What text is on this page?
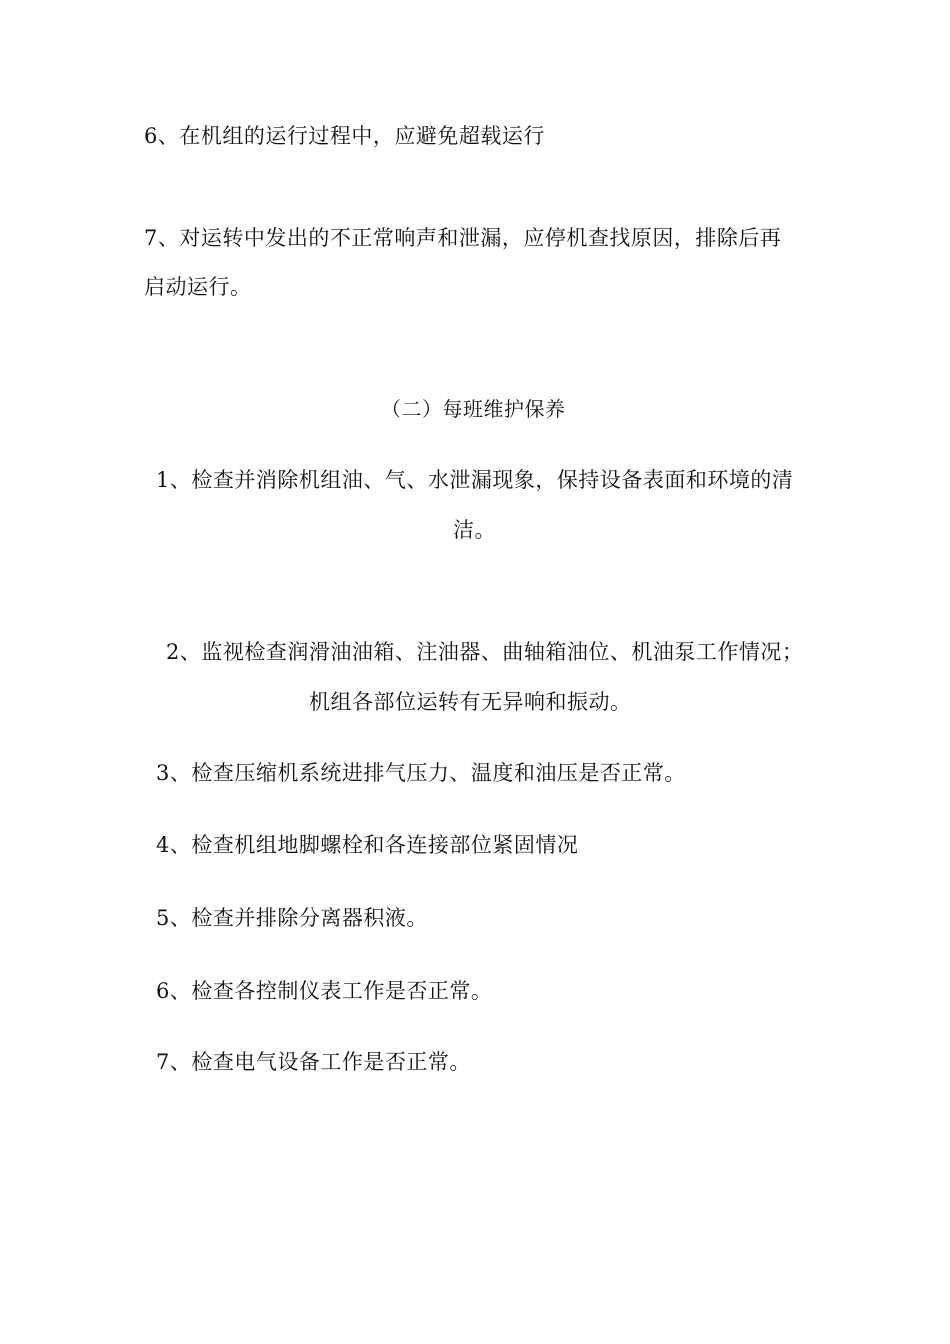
6、在机组的运行过程中，应避免超载运行
7、对运转中发出的不正常响声和泄漏，应停机查找原因，排除后再
启动运行。
（二）每班维护保养
1、检查并消除机组油、气、水泄漏现象，保持设备表面和环境的清
洁。
2、监视检查润滑油油箱、注油器、曲轴箱油位、机油泵工作情况；
机组各部位运转有无异响和振动。
3、检查压缩机系统进排气压力、温度和油压是否正常。
4、检查机组地脚螺栓和各连接部位紧固情况
5、检查并排除分离器积液。
6、检查各控制仪表工作是否正常。
7、检查电气设备工作是否正常。
